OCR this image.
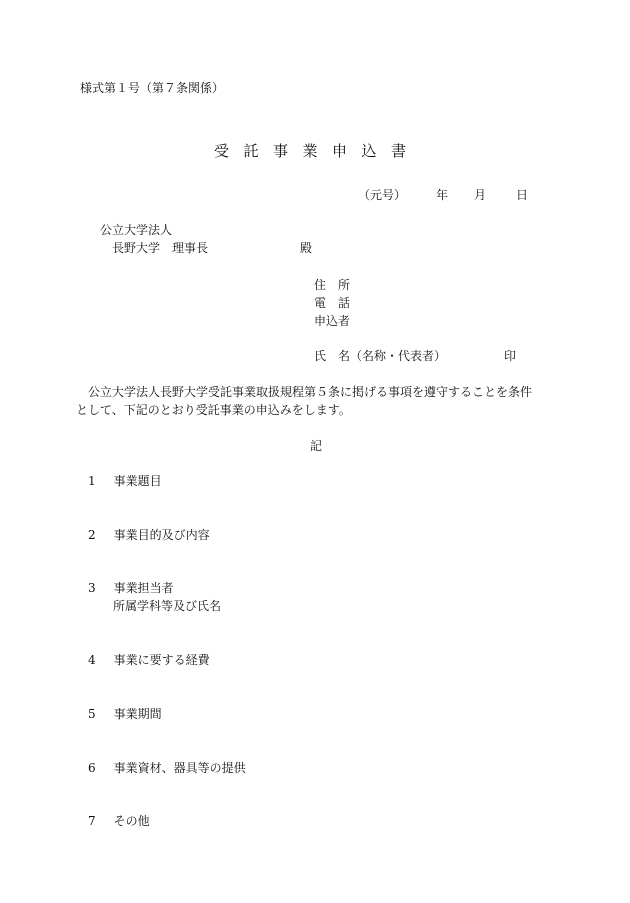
様式第１号（第７条関係）
受託事業申込書
（元号）	年 月	日
公立大学法人
長野大学　理事長	殿
住　所
電　話
申込者
氏　名（名称・代表者）	印
公立大学法人長野大学受託事業取扱規程第５条に掲げる事項を遵守することを条件
として、下記のとおり受託事業の申込みをします。
記
1 事業題目
2 事業目的及び内容
3 事業担当者
所属学科等及び氏名
4 事業に要する経費
5 事業期間
6 事業資材、器具等の提供
7 その他
